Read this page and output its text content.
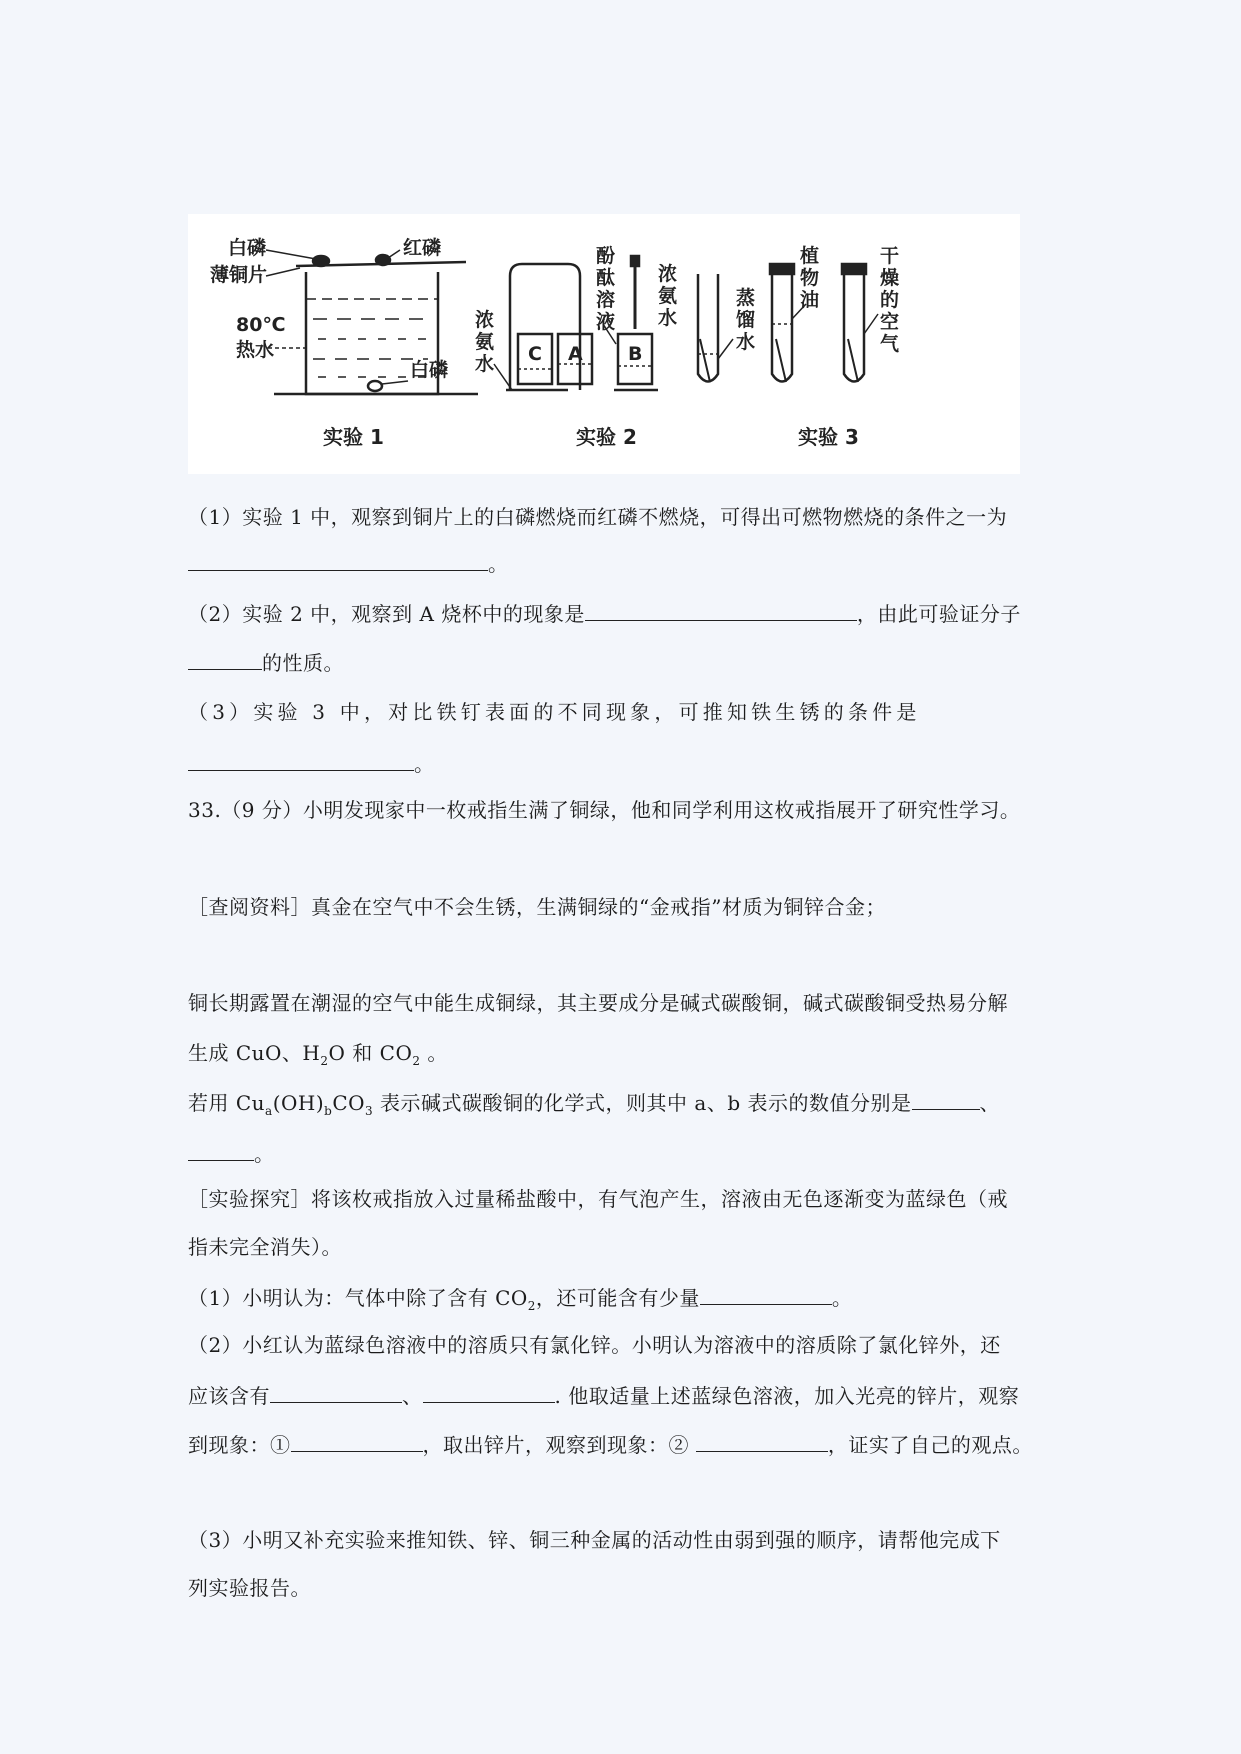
白磷	红磷
薄铜片
80℃
热水
白磷
实验 1
浓
氨
水
酚
酞
溶
液
浓
氨
水
C A B
实验 2
蒸
馏
水
植
物
油
干
燥
的
空
气
实验 3
（1）实验 1 中，观察到铜片上的白磷燃烧而红磷不燃烧，可得出可燃物燃烧的条件之一为
。
（2）实验 2 中，观察到 A 烧杯中的现象是	，由此可验证分子
的性质。
（3）实验 3 中，对比铁钉表面的不同现象，可推知铁生锈的条件是
。
33.（9 分）小明发现家中一枚戒指生满了铜绿，他和同学利用这枚戒指展开了研究性学习。
［查阅资料］真金在空气中不会生锈，生满铜绿的“金戒指”材质为铜锌合金；
铜长期露置在潮湿的空气中能生成铜绿，其主要成分是碱式碳酸铜，碱式碳酸铜受热易分解
生成 CuO、$H_2O$ 和 $CO_2$ 。
若用 $Cu_a(OH)_bCO_3$ 表示碱式碳酸铜的化学式，则其中 a、b 表示的数值分别是	、
。
［实验探究］将该枚戒指放入过量稀盐酸中，有气泡产生，溶液由无色逐渐变为蓝绿色（戒
指未完全消失）。
（1）小明认为：气体中除了含有 $CO_2$，还可能含有少量	。
（2）小红认为蓝绿色溶液中的溶质只有氯化锌。小明认为溶液中的溶质除了氯化锌外，还
应该含有	、	. 他取适量上述蓝绿色溶液，加入光亮的锌片，观察
到现象：①	，取出锌片，观察到现象：②	，证实了自己的观点。
（3）小明又补充实验来推知铁、锌、铜三种金属的活动性由弱到强的顺序，请帮他完成下
列实验报告。
